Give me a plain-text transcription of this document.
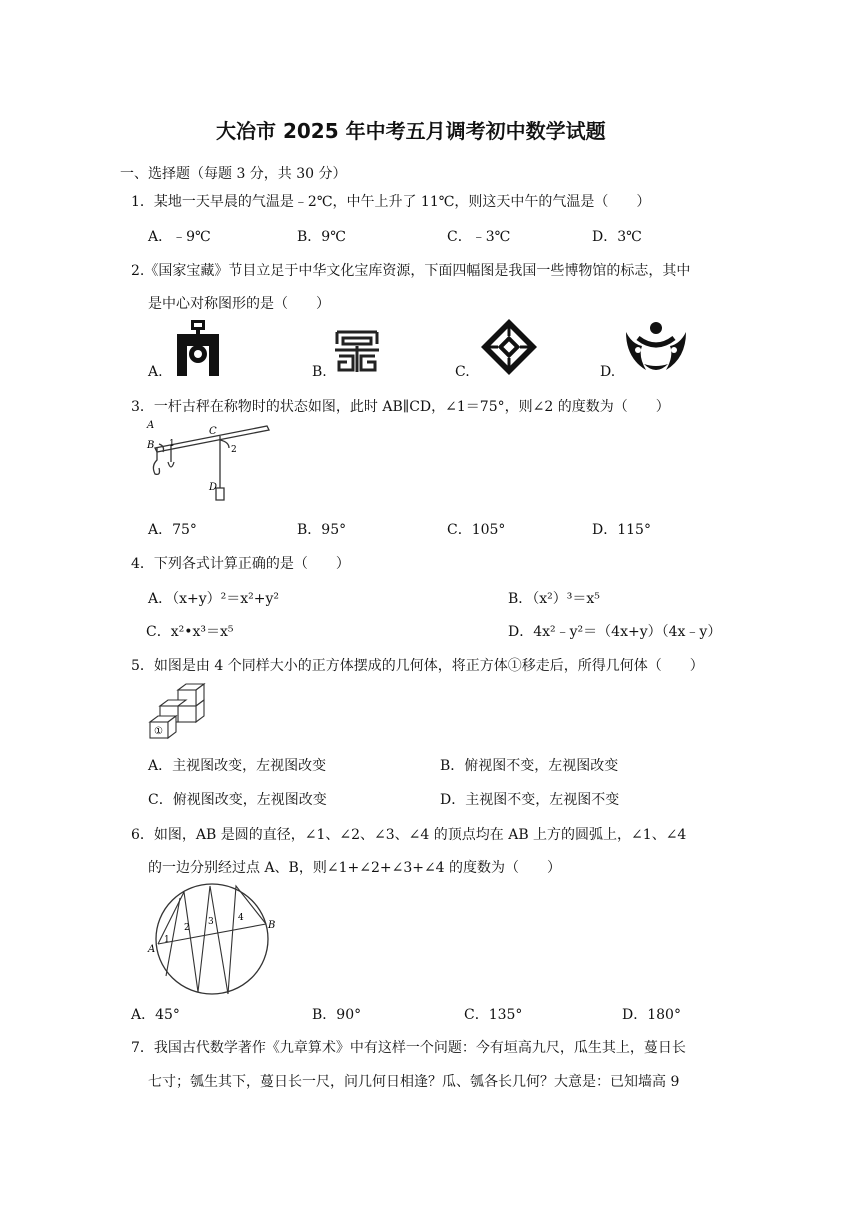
大冶市 2025 年中考五月调考初中数学试题
一、选择题（每题 3 分，共 30 分）
1．某地一天早晨的气温是﹣2℃，中午上升了 11℃，则这天中午的气温是（　　）
A．﹣9℃	B．9℃	C．﹣3℃	D．3℃
2.《国家宝藏》节目立足于中华文化宝库资源，下面四幅图是我国一些博物馆的标志，其中
是中心对称图形的是（　　）
A.	B.	C.	D.
3．一杆古秤在称物时的状态如图，此时 AB∥CD，∠1＝75°，则∠2 的度数为（　　）
A
B
C
D
1
2
A．75°	B．95°	C．105°	D．115°
4．下列各式计算正确的是（　　）
A．（x+y）²＝x²+y²	B．（x²）³＝x⁵
C．x²•x³＝x⁵	D．4x²﹣y²＝（4x+y）（4x﹣y）
5．如图是由 4 个同样大小的正方体摆成的几何体，将正方体①移走后，所得几何体（　　）
①
A．主视图改变，左视图改变	B．俯视图不变，左视图改变
C．俯视图改变，左视图改变	D．主视图不变，左视图不变
6．如图，AB 是圆的直径，∠1、∠2、∠3、∠4 的顶点均在 AB 上方的圆弧上，∠1、∠4
的一边分别经过点 A、B，则∠1+∠2+∠3+∠4 的度数为（　　）
A
B
1
2
3	4
A．45°	B．90°	C．135°	D．180°
7．我国古代数学著作《九章算术》中有这样一个问题：今有垣高九尺，瓜生其上，蔓日长
七寸；瓠生其下，蔓日长一尺，问几何日相逢？瓜、瓠各长几何？大意是：已知墙高 9
